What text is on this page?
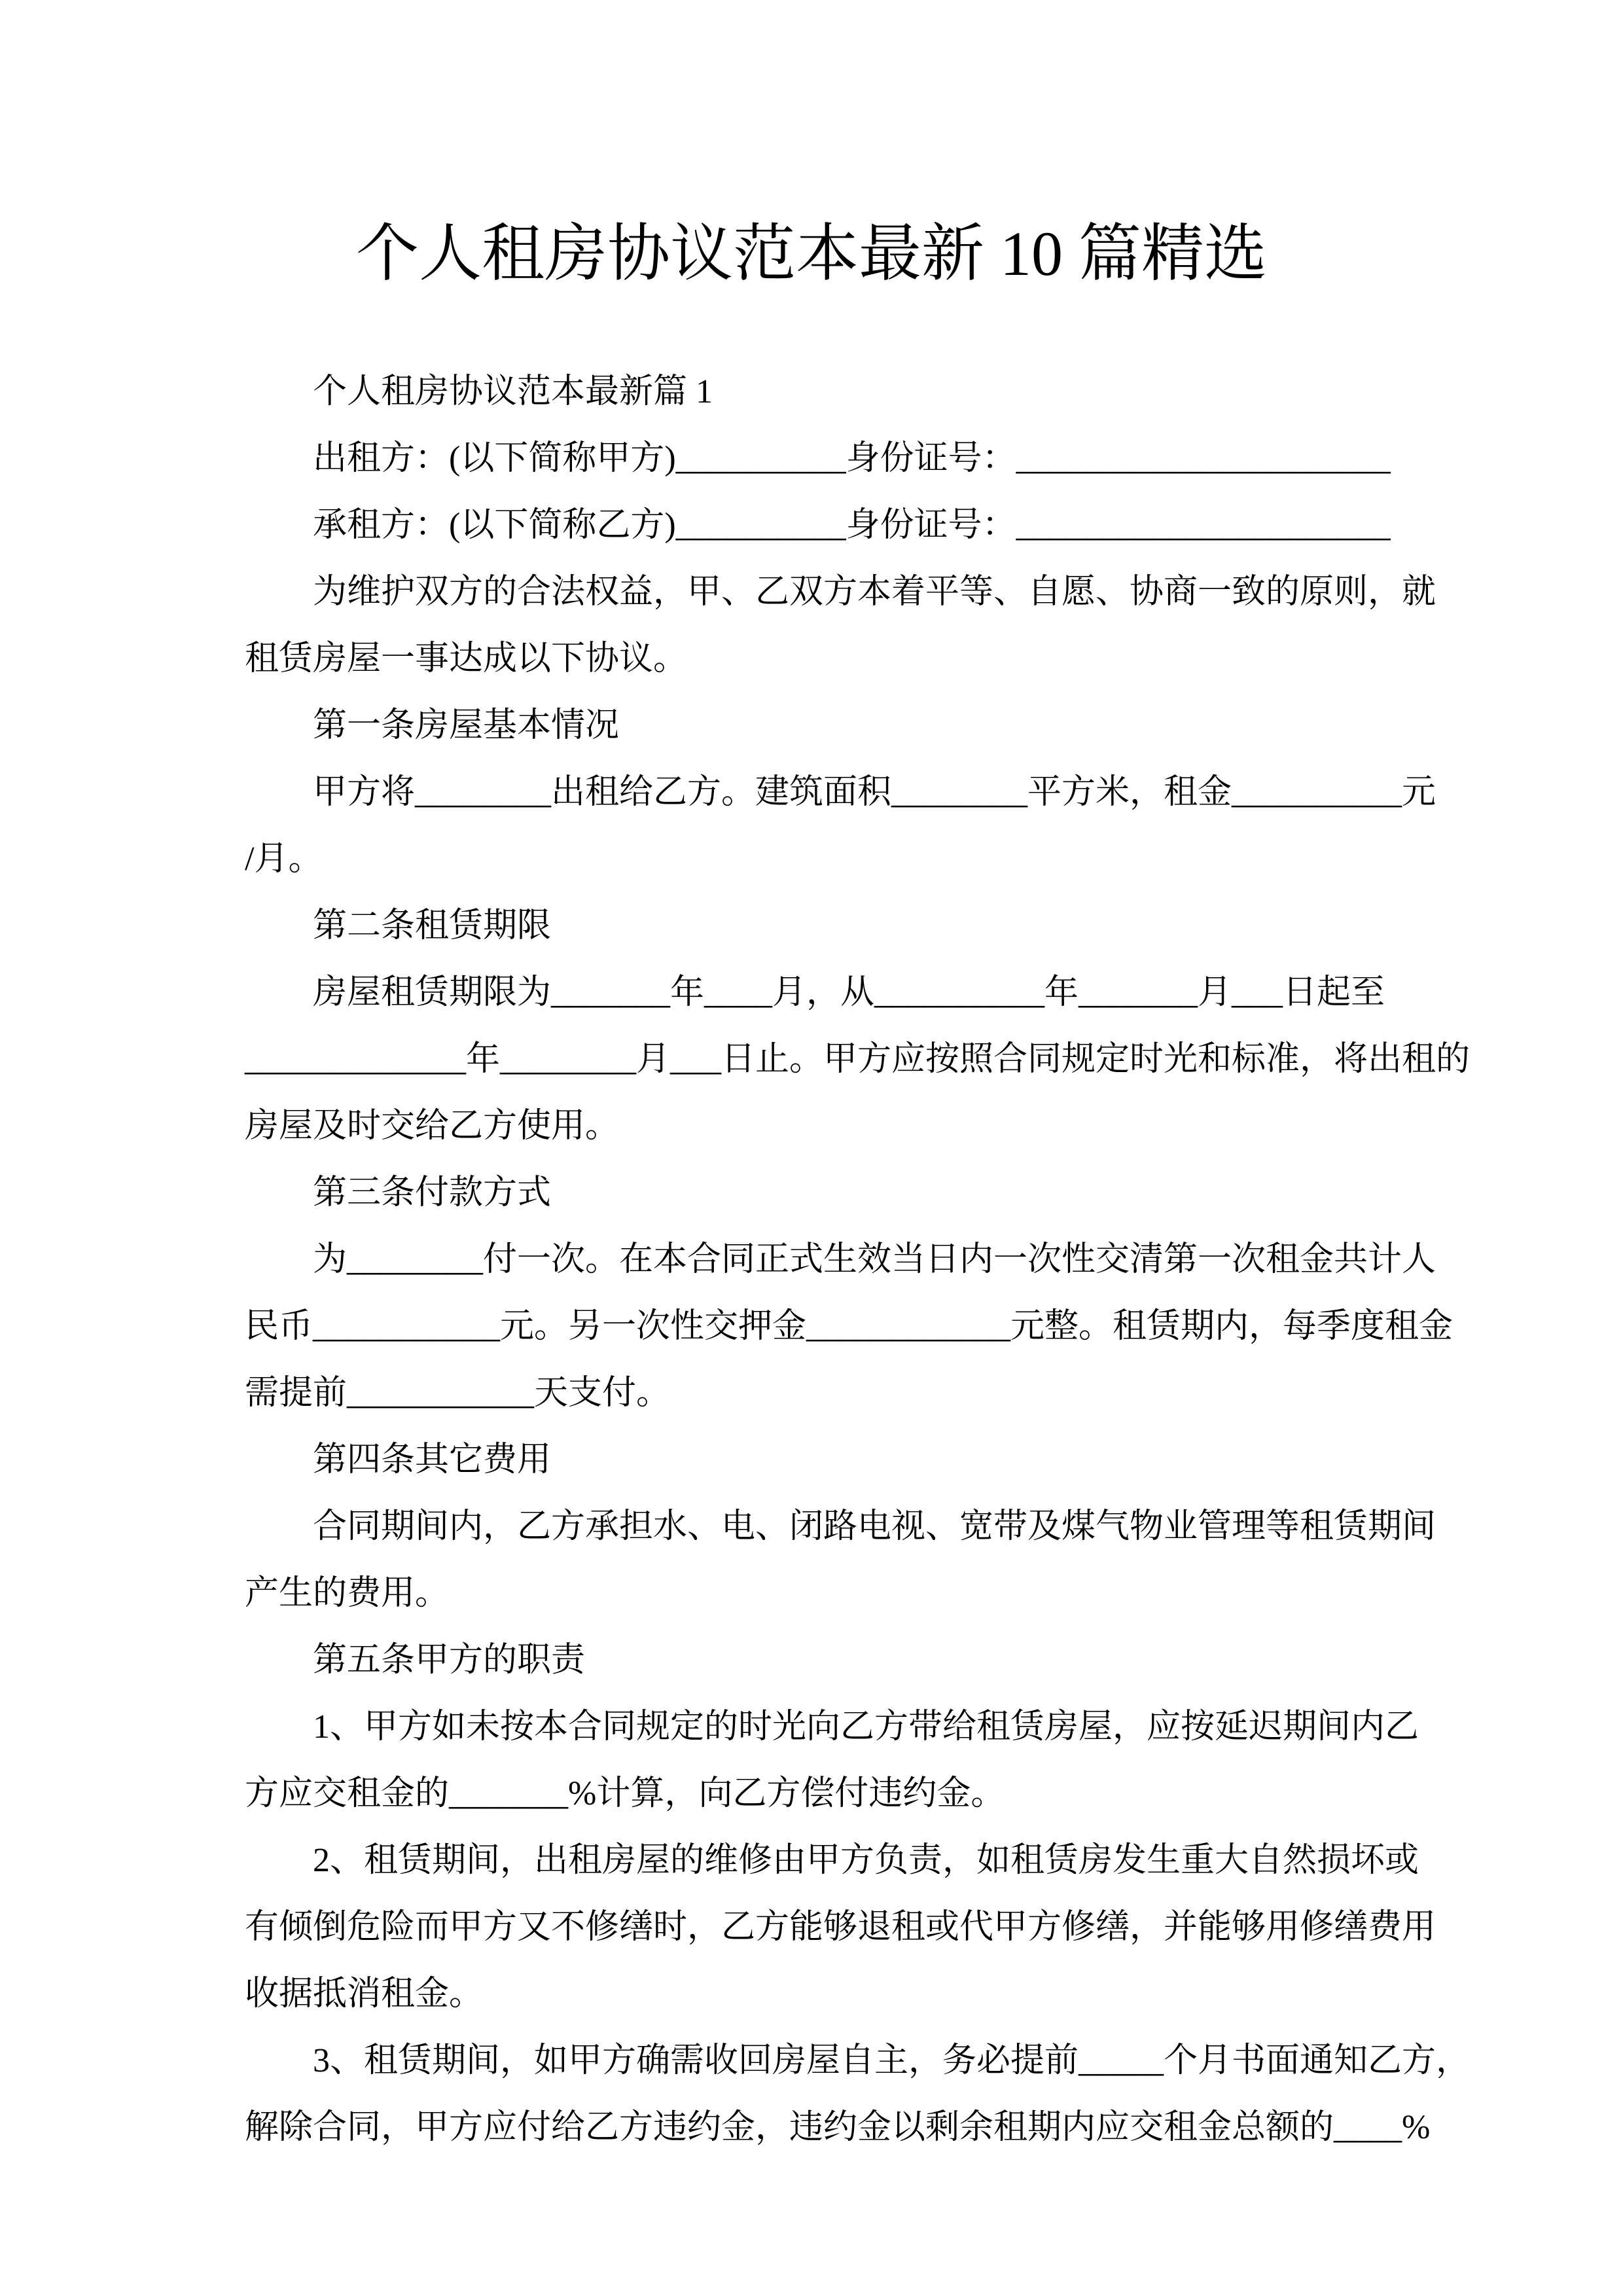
个人租房协议范本最新 10 篇精选

个人租房协议范本最新篇 1

出租方：(以下简称甲方)__________身份证号：______________________

承租方：(以下简称乙方)__________身份证号：______________________

为维护双方的合法权益，甲、乙双方本着平等、自愿、协商一致的原则，就

租赁房屋一事达成以下协议。

第一条房屋基本情况

甲方将________出租给乙方。建筑面积________平方米，租金__________元

/月。

第二条租赁期限

房屋租赁期限为_______年____月，从__________年_______月___日起至

_____________年________月___日止。甲方应按照合同规定时光和标准，将出租的

房屋及时交给乙方使用。

第三条付款方式

为________付一次。在本合同正式生效当日内一次性交清第一次租金共计人

民币___________元。另一次性交押金____________元整。租赁期内，每季度租金

需提前___________天支付。

第四条其它费用

合同期间内，乙方承担水、电、闭路电视、宽带及煤气物业管理等租赁期间

产生的费用。

第五条甲方的职责

1、甲方如未按本合同规定的时光向乙方带给租赁房屋，应按延迟期间内乙

方应交租金的_______%计算，向乙方偿付违约金。

2、租赁期间，出租房屋的维修由甲方负责，如租赁房发生重大自然损坏或

有倾倒危险而甲方又不修缮时，乙方能够退租或代甲方修缮，并能够用修缮费用

收据抵消租金。

3、租赁期间，如甲方确需收回房屋自主，务必提前_____个月书面通知乙方，

解除合同，甲方应付给乙方违约金，违约金以剩余租期内应交租金总额的____%
